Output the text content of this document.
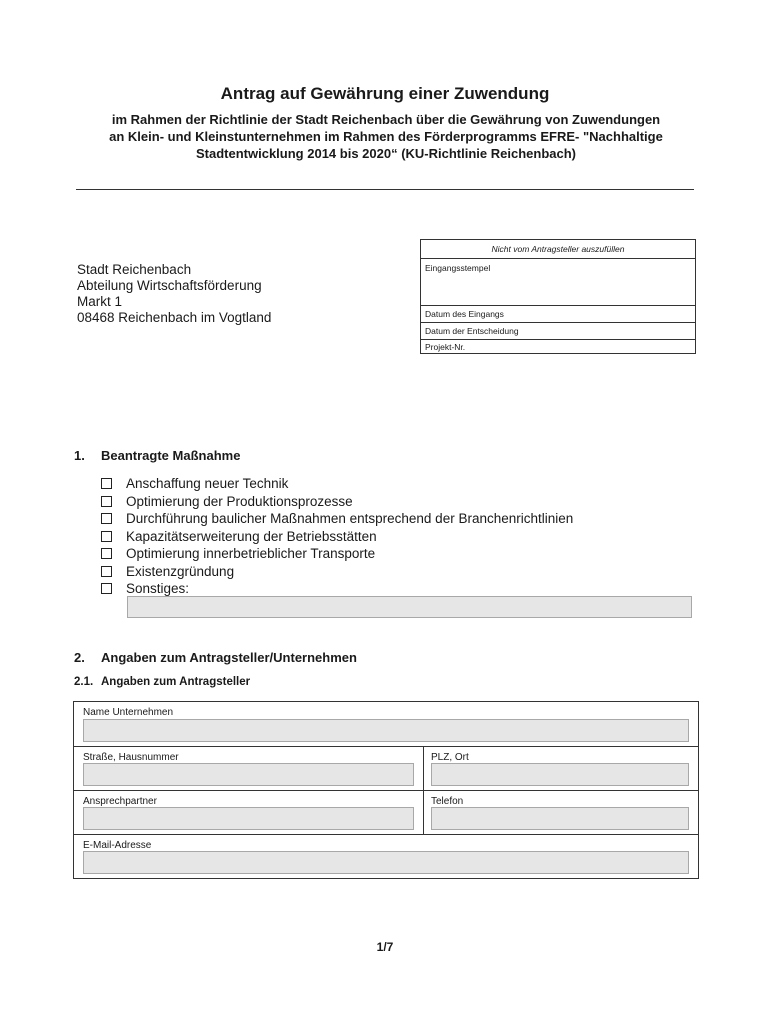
Antrag auf Gewährung einer Zuwendung
im Rahmen der Richtlinie der Stadt Reichenbach über die Gewährung von Zuwendungen
an Klein- und Kleinstunternehmen im Rahmen des Förderprogramms EFRE- "Nachhaltige
Stadtentwicklung 2014 bis 2020“ (KU-Richtlinie Reichenbach)
Stadt Reichenbach
Abteilung Wirtschaftsförderung
Markt 1
08468 Reichenbach im Vogtland
Nicht vom Antragsteller auszufüllen
Eingangsstempel
Datum des Eingangs
Datum der Entscheidung
Projekt-Nr.
1. Beantragte Maßnahme
Anschaffung neuer Technik
Optimierung der Produktionsprozesse
Durchführung baulicher Maßnahmen entsprechend der Branchenrichtlinien
Kapazitätserweiterung der Betriebsstätten
Optimierung innerbetrieblicher Transporte
Existenzgründung
Sonstiges:
2. Angaben zum Antragsteller/Unternehmen
2.1. Angaben zum Antragsteller
Name Unternehmen
Straße, Hausnummer	PLZ, Ort
Ansprechpartner	Telefon
E-Mail-Adresse
1/7
